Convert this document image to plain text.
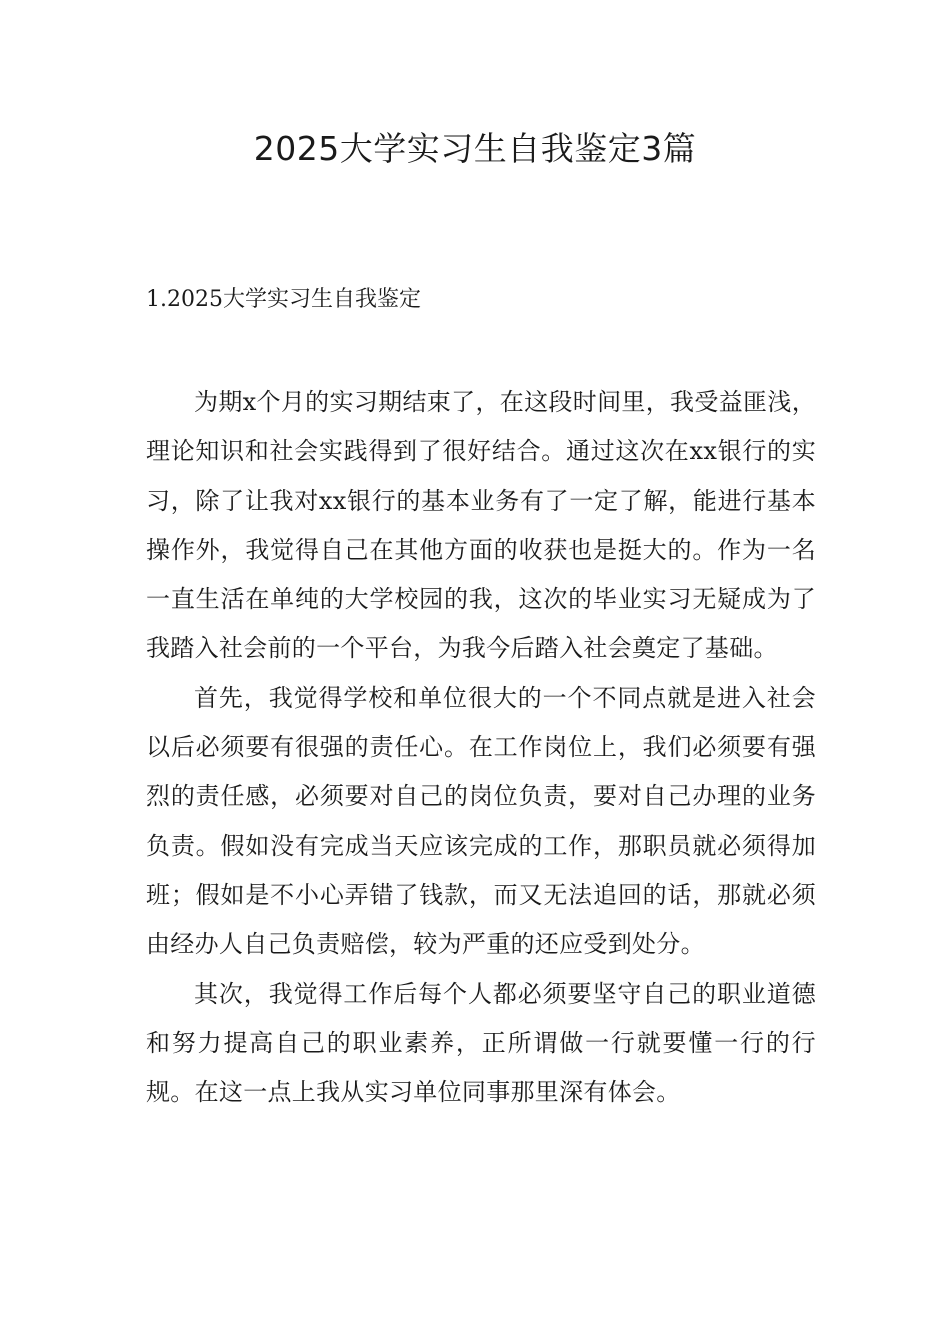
2025大学实习生自我鉴定3篇
1.2025大学实习生自我鉴定

为期x个月的实习期结束了，在这段时间里，我受益匪浅，理论知识和社会实践得到了很好结合。通过这次在xx银行的实习，除了让我对xx银行的基本业务有了一定了解，能进行基本操作外，我觉得自己在其他方面的收获也是挺大的。作为一名一直生活在单纯的大学校园的我，这次的毕业实习无疑成为了我踏入社会前的一个平台，为我今后踏入社会奠定了基础。

首先，我觉得学校和单位很大的一个不同点就是进入社会以后必须要有很强的责任心。在工作岗位上，我们必须要有强烈的责任感，必须要对自己的岗位负责，要对自己办理的业务负责。假如没有完成当天应该完成的工作，那职员就必须得加班；假如是不小心弄错了钱款，而又无法追回的话，那就必须由经办人自己负责赔偿，较为严重的还应受到处分。

其次，我觉得工作后每个人都必须要坚守自己的职业道德和努力提高自己的职业素养，正所谓做一行就要懂一行的行规。在这一点上我从实习单位同事那里深有体会。
